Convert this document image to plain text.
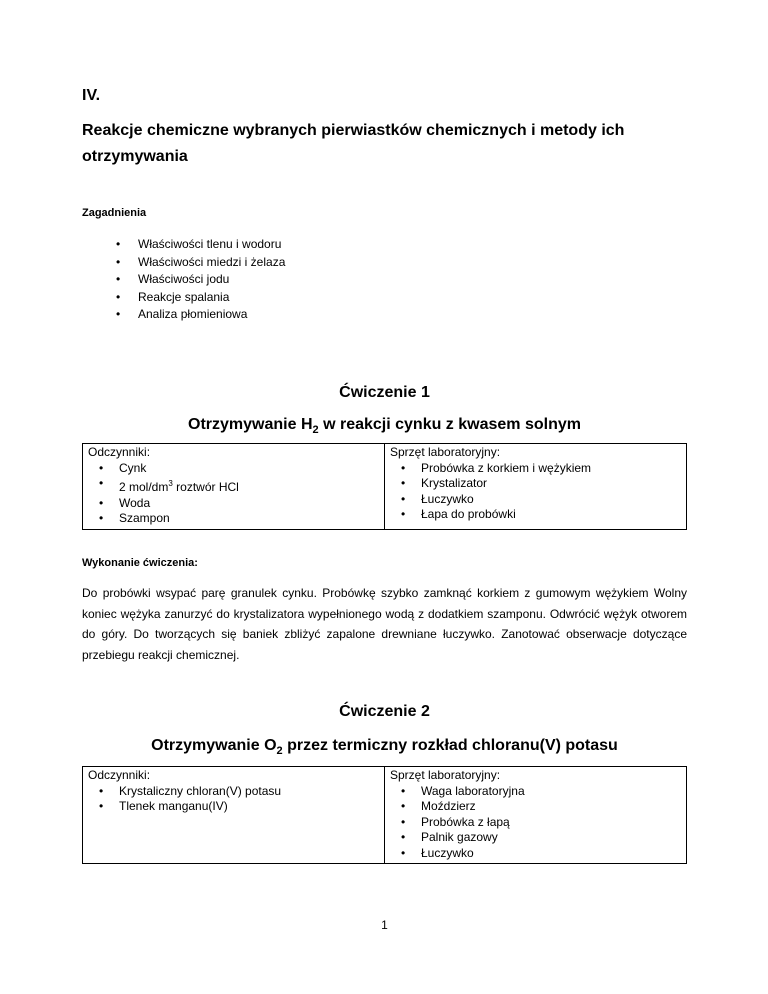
IV.

Reakcje chemiczne wybranych pierwiastków chemicznych i metody ich otrzymywania

Zagadnienia

• Właściwości tlenu i wodoru
• Właściwości miedzi i żelaza
• Właściwości jodu
• Reakcje spalania
• Analiza płomieniowa

Ćwiczenie 1

Otrzymywanie $H_2$ w reakcji cynku z kwasem solnym

Odczynniki:
• Cynk
• 2 mol/$dm^3$ roztwór HCl
• Woda
• Szampon

Sprzęt laboratoryjny:
• Probówka z korkiem i wężykiem
• Krystalizator
• Łuczywko
• Łapa do probówki

Wykonanie ćwiczenia:

Do probówki wsypać parę granulek cynku. Probówkę szybko zamknąć korkiem z gumowym wężykiem Wolny koniec wężyka zanurzyć do krystalizatora wypełnionego wodą z dodatkiem szamponu. Odwrócić wężyk otworem do góry. Do tworzących się baniek zbliżyć zapalone drewniane łuczywko. Zanotować obserwacje dotyczące przebiegu reakcji chemicznej.

Ćwiczenie 2

Otrzymywanie $O_2$ przez termiczny rozkład chloranu(V) potasu

Odczynniki:
• Krystaliczny chloran(V) potasu
• Tlenek manganu(IV)

Sprzęt laboratoryjny:
• Waga laboratoryjna
• Moździerz
• Probówka z łapą
• Palnik gazowy
• Łuczywko

1
